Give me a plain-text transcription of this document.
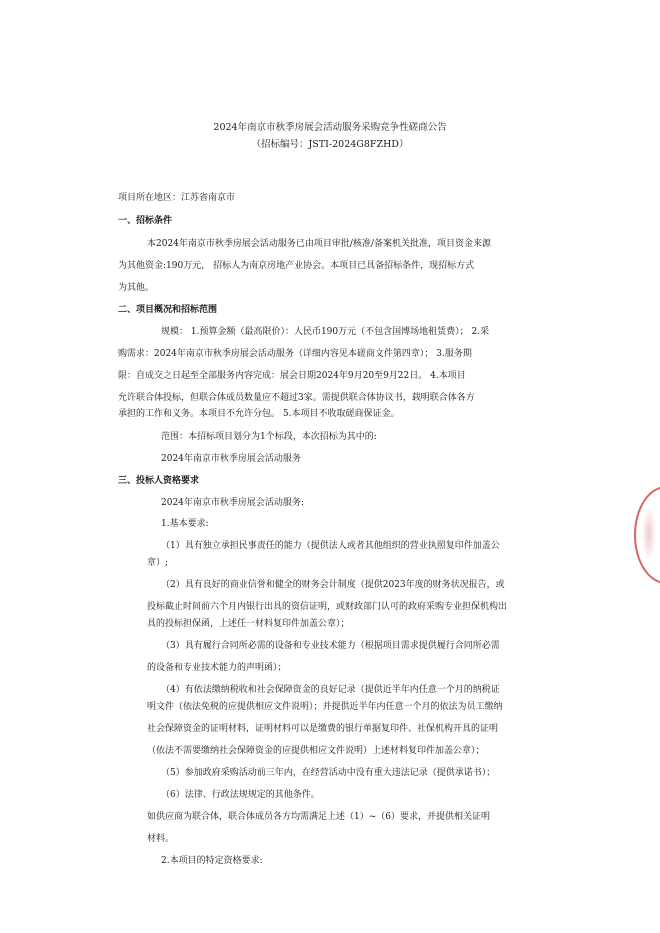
2024年南京市秋季房展会活动服务采购竞争性磋商公告
（招标编号：JSTI-2024G8FZHD）
项目所在地区：江苏省南京市
一、招标条件
本2024年南京市秋季房展会活动服务已由项目审批/核准/备案机关批准，项目资金来源
为其他资金:190万元， 招标人为南京房地产业协会。本项目已具备招标条件，现招标方式
为其他。
二、项目概况和招标范围
规模： 1.预算金额（最高限价）：人民币190万元（不包含国博场地租赁费）； 2.采
购需求：2024年南京市秋季房展会活动服务（详细内容见本磋商文件第四章）； 3.服务期
限：自成交之日起至全部服务内容完成：展会日期2024年9月20至9月22日。 4.本项目
允许联合体投标，但联合体成员数量应不超过3家。需提供联合体协议书，载明联合体各方
承担的工作和义务。本项目不允许分包。 5.本项目不收取磋商保证金。
范围：本招标项目划分为1个标段，本次招标为其中的:
2024年南京市秋季房展会活动服务
三、投标人资格要求
2024年南京市秋季房展会活动服务:
1.基本要求:
（1）具有独立承担民事责任的能力（提供法人或者其他组织的营业执照复印件加盖公
章）;
（2）具有良好的商业信誉和健全的财务会计制度（提供2023年度的财务状况报告，或
投标截止时间前六个月内银行出具的资信证明，或财政部门认可的政府采购专业担保机构出
具的投标担保函，上述任一材料复印件加盖公章）；
（3）具有履行合同所必需的设备和专业技术能力（根据项目需求提供履行合同所必需
的设备和专业技术能力的声明函）；
（4）有依法缴纳税收和社会保障资金的良好记录（提供近半年内任意一个月的纳税证
明文件（依法免税的应提供相应文件说明）；并提供近半年内任意一个月的依法为员工缴纳
社会保障资金的证明材料，证明材料可以是缴费的银行单据复印件、社保机构开具的证明
（依法不需要缴纳社会保障资金的应提供相应文件说明）上述材料复印件加盖公章）；
（5）参加政府采购活动前三年内，在经营活动中没有重大违法记录（提供承诺书）；
（6）法律、行政法规规定的其他条件。
如供应商为联合体，联合体成员各方均需满足上述（1）~（6）要求，并提供相关证明
材料。
2.本项目的特定资格要求:
